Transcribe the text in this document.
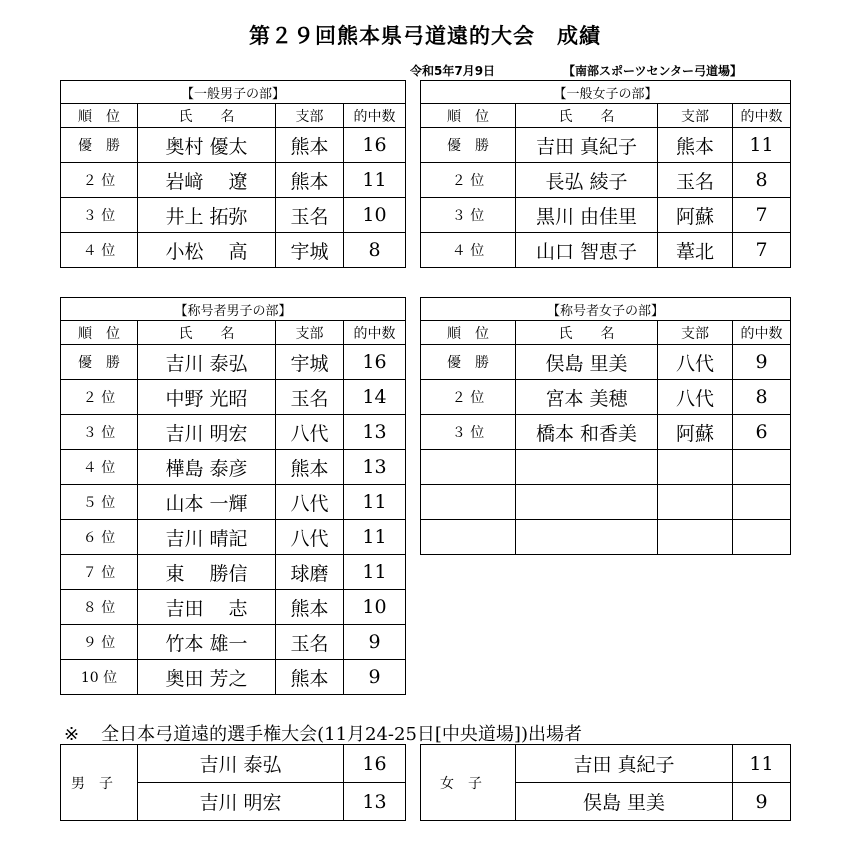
第２９回熊本県弓道遠的大会　成績
令和5年7月9日	【南部スポーツセンター弓道場】
【一般男子の部】			
順　位	氏　　名	支部	的中数
優　勝	奥村 優太	熊本	16
２ 位	岩﨑　 遼	熊本	11
３ 位	井上 拓弥	玉名	10
４ 位	小松　 高	宇城	8
【一般女子の部】			
順　位	氏　　名	支部	的中数
優　勝	吉田 真紀子	熊本	11
２ 位	長弘 綾子	玉名	8
３ 位	黒川 由佳里	阿蘇	7
４ 位	山口 智恵子	葦北	7
【称号者男子の部】			
順　位	氏　　名	支部	的中数
優　勝	吉川 泰弘	宇城	16
２ 位	中野 光昭	玉名	14
３ 位	吉川 明宏	八代	13
４ 位	樺島 泰彦	熊本	13
５ 位	山本 一輝	八代	11
６ 位	吉川 晴記	八代	11
７ 位	東　 勝信	球磨	11
８ 位	吉田　 志	熊本	10
９ 位	竹本 雄一	玉名	9
10 位	奥田 芳之	熊本	9
【称号者女子の部】			
順　位	氏　　名	支部	的中数
優　勝	俣島 里美	八代	9
２ 位	宮本 美穂	八代	8
３ 位	橋本 和香美	阿蘇	6

※ 全日本弓道遠的選手権大会(11月24-25日[中央道場])出場者
男子	吉川 泰弘	16
	吉川 明宏	13
女子	吉田 真紀子	11
	俣島 里美	9
